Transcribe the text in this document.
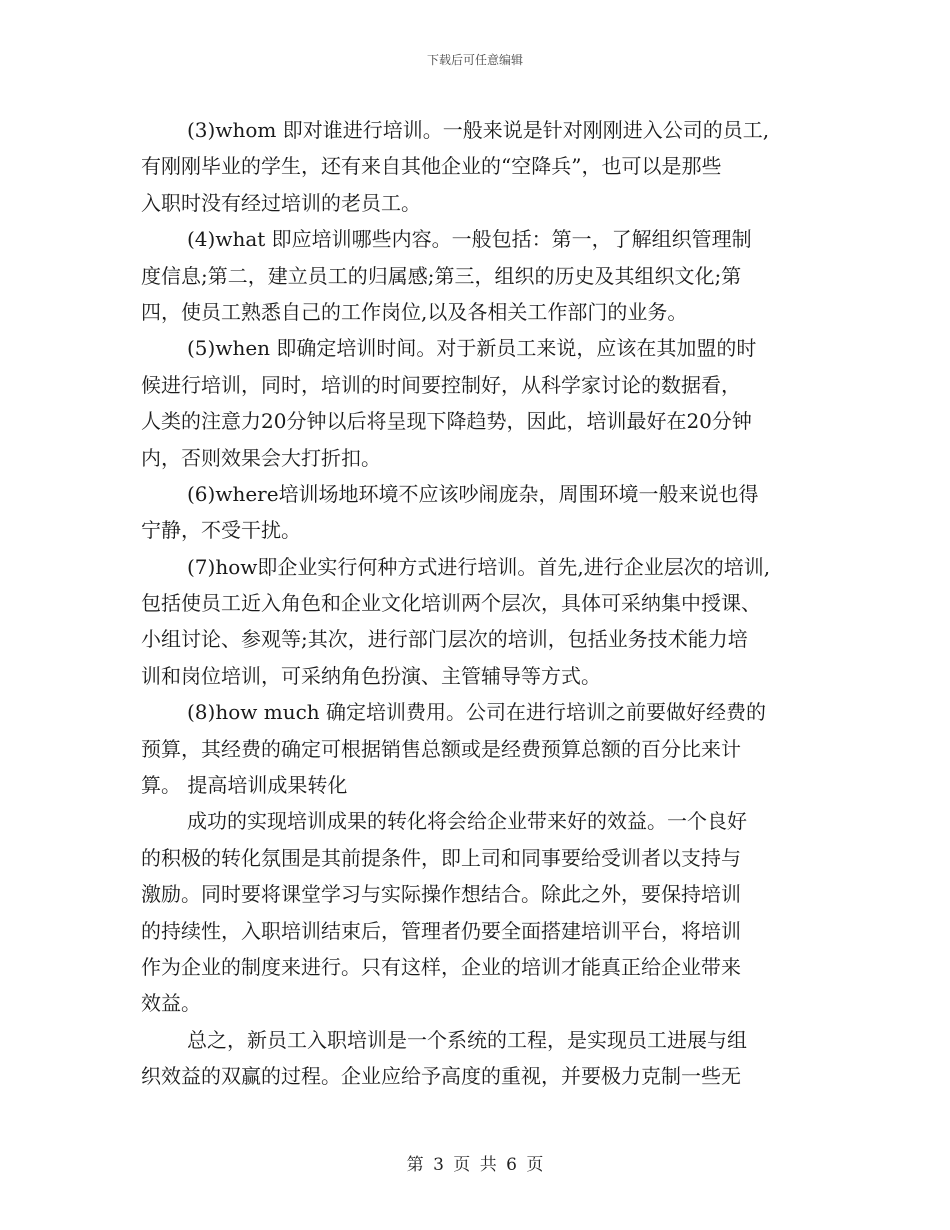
下载后可任意编辑
(3)whom 即对谁进行培训。一般来说是针对刚刚进入公司的员工,
有刚刚毕业的学生，还有来自其他企业的“空降兵”，也可以是那些
入职时没有经过培训的老员工。
(4)what 即应培训哪些内容。一般包括：第一，了解组织管理制
度信息;第二，建立员工的归属感;第三，组织的历史及其组织文化;第
四，使员工熟悉自己的工作岗位,以及各相关工作部门的业务。
(5)when 即确定培训时间。对于新员工来说，应该在其加盟的时
候进行培训，同时，培训的时间要控制好，从科学家讨论的数据看，
人类的注意力20分钟以后将呈现下降趋势，因此，培训最好在20分钟
内，否则效果会大打折扣。
(6)where培训场地环境不应该吵闹庞杂，周围环境一般来说也得
宁静，不受干扰。
(7)how即企业实行何种方式进行培训。首先,进行企业层次的培训,
包括使员工近入角色和企业文化培训两个层次，具体可采纳集中授课、
小组讨论、参观等;其次，进行部门层次的培训，包括业务技术能力培
训和岗位培训，可采纳角色扮演、主管辅导等方式。
(8)how much 确定培训费用。公司在进行培训之前要做好经费的
预算，其经费的确定可根据销售总额或是经费预算总额的百分比来计
算。 提高培训成果转化
成功的实现培训成果的转化将会给企业带来好的效益。一个良好
的积极的转化氛围是其前提条件，即上司和同事要给受训者以支持与
激励。同时要将课堂学习与实际操作想结合。除此之外，要保持培训
的持续性，入职培训结束后，管理者仍要全面搭建培训平台，将培训
作为企业的制度来进行。只有这样，企业的培训才能真正给企业带来
效益。
总之，新员工入职培训是一个系统的工程，是实现员工进展与组
织效益的双赢的过程。企业应给予高度的重视，并要极力克制一些无
第 3 页 共 6 页
